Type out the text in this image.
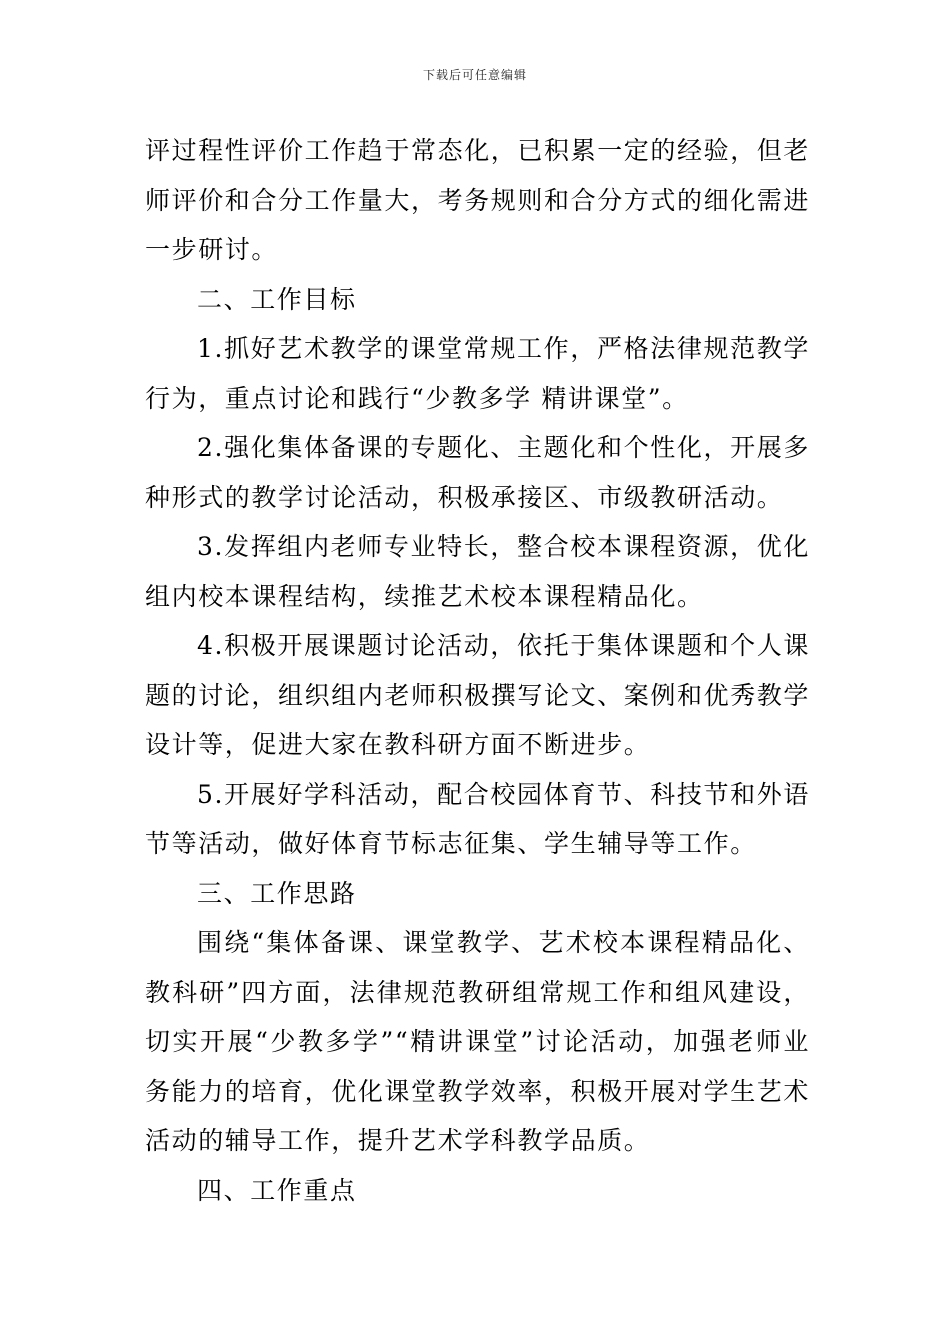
下载后可任意编辑

评过程性评价工作趋于常态化，已积累一定的经验，但老师评价和合分工作量大，考务规则和合分方式的细化需进一步研讨。

二、工作目标

1.抓好艺术教学的课堂常规工作，严格法律规范教学行为，重点讨论和践行“少教多学 精讲课堂”。

2.强化集体备课的专题化、主题化和个性化，开展多种形式的教学讨论活动，积极承接区、市级教研活动。

3.发挥组内老师专业特长，整合校本课程资源，优化组内校本课程结构，续推艺术校本课程精品化。

4.积极开展课题讨论活动，依托于集体课题和个人课题的讨论，组织组内老师积极撰写论文、案例和优秀教学设计等，促进大家在教科研方面不断进步。

5.开展好学科活动，配合校园体育节、科技节和外语节等活动，做好体育节标志征集、学生辅导等工作。

三、工作思路

围绕“集体备课、课堂教学、艺术校本课程精品化、教科研”四方面，法律规范教研组常规工作和组风建设，切实开展“少教多学”“精讲课堂”讨论活动，加强老师业务能力的培育，优化课堂教学效率，积极开展对学生艺术活动的辅导工作，提升艺术学科教学品质。

四、工作重点
